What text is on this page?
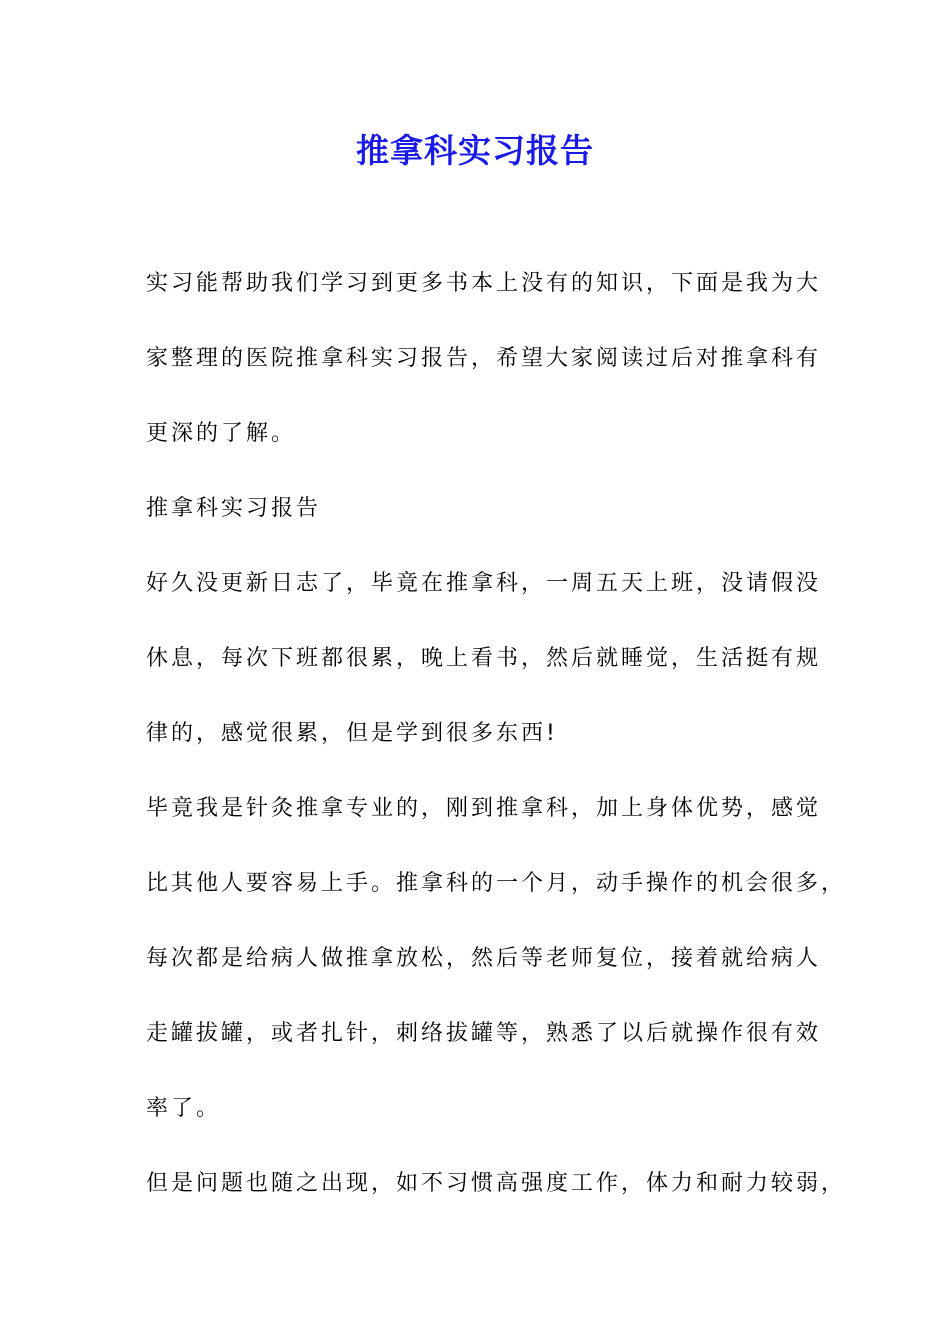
推拿科实习报告
实习能帮助我们学习到更多书本上没有的知识，下面是我为大
家整理的医院推拿科实习报告，希望大家阅读过后对推拿科有
更深的了解。
推拿科实习报告
好久没更新日志了，毕竟在推拿科，一周五天上班，没请假没
休息，每次下班都很累，晚上看书，然后就睡觉，生活挺有规
律的，感觉很累，但是学到很多东西!
毕竟我是针灸推拿专业的，刚到推拿科，加上身体优势，感觉
比其他人要容易上手。推拿科的一个月，动手操作的机会很多，
每次都是给病人做推拿放松，然后等老师复位，接着就给病人
走罐拔罐，或者扎针，刺络拔罐等，熟悉了以后就操作很有效
率了。
但是问题也随之出现，如不习惯高强度工作，体力和耐力较弱，
